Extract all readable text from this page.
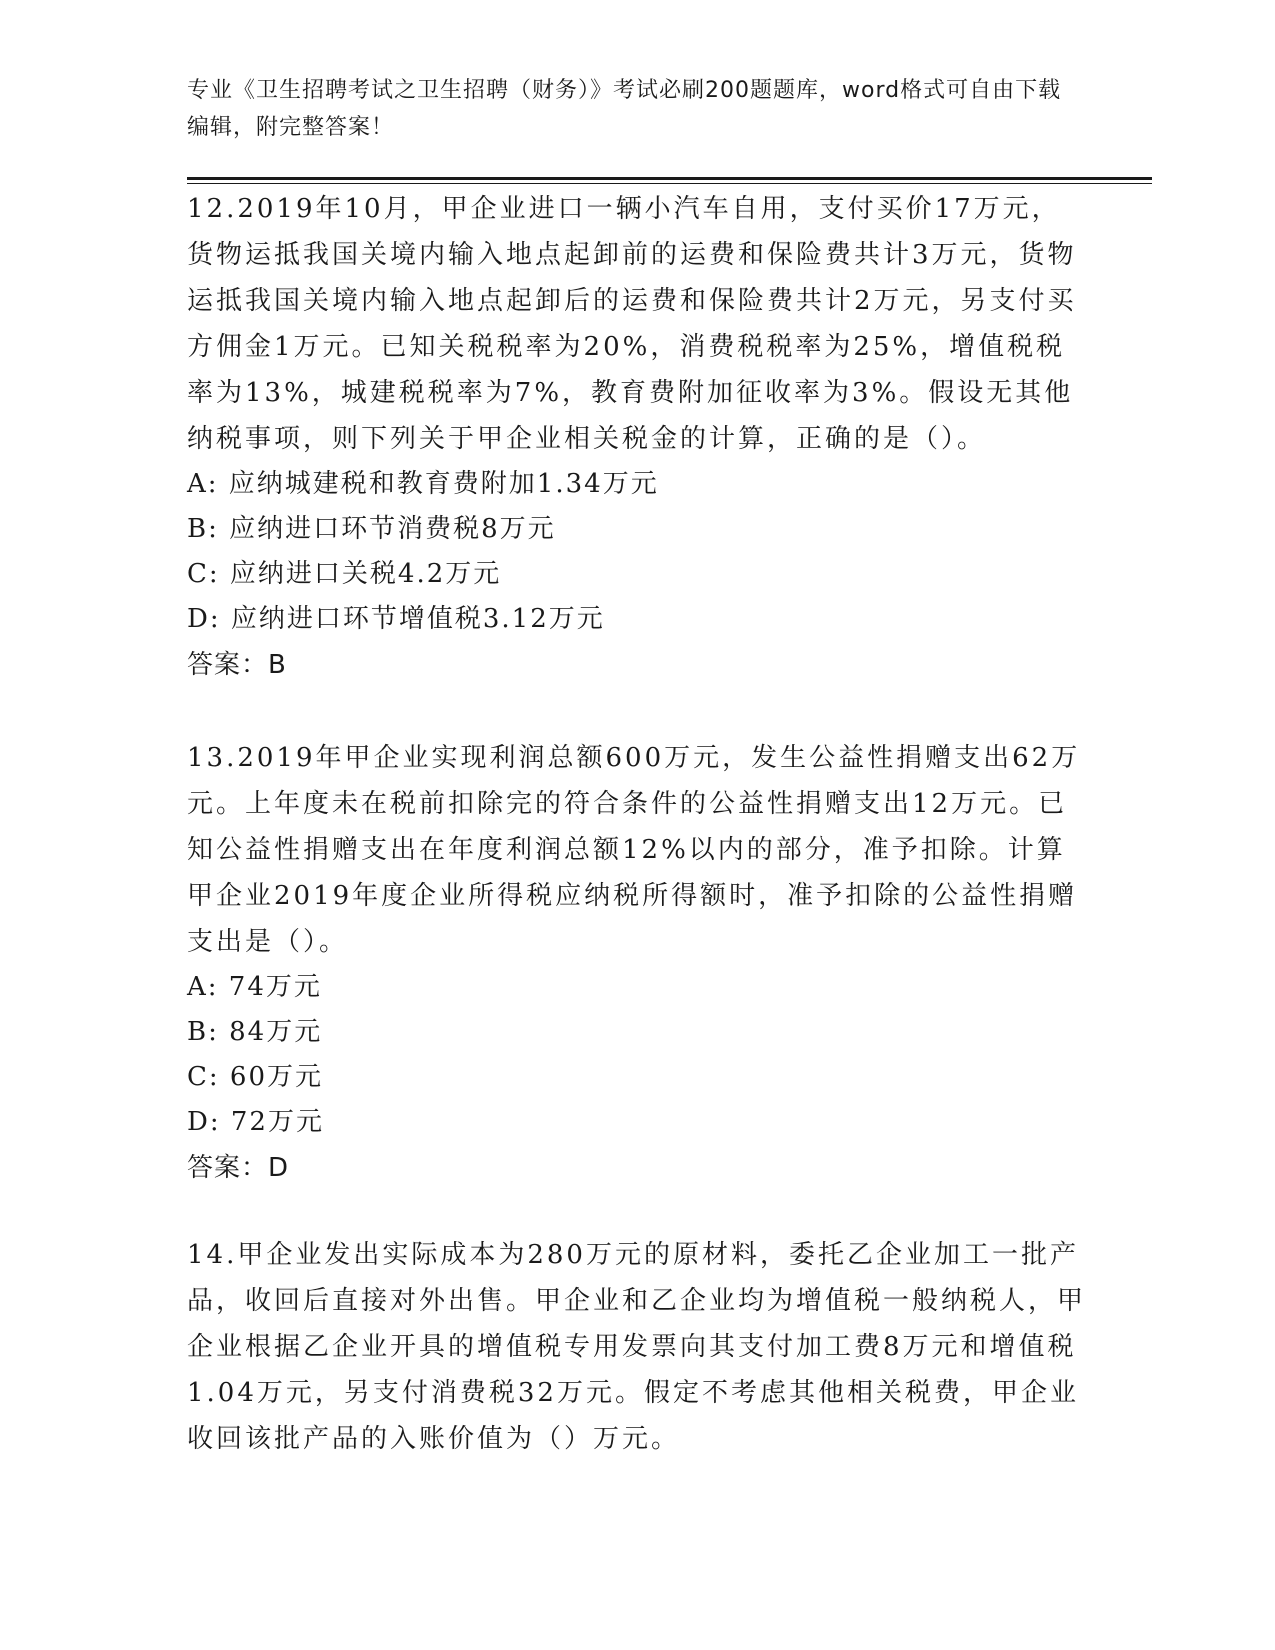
专业《卫生招聘考试之卫生招聘（财务）》考试必刷200题题库，word格式可自由下载编辑，附完整答案！

12.2019年10月，甲企业进口一辆小汽车自用，支付买价17万元，货物运抵我国关境内输入地点起卸前的运费和保险费共计3万元，货物运抵我国关境内输入地点起卸后的运费和保险费共计2万元，另支付买方佣金1万元。已知关税税率为20%，消费税税率为25%，增值税税率为13%，城建税税率为7%，教育费附加征收率为3%。假设无其他纳税事项，则下列关于甲企业相关税金的计算，正确的是（）。

A: 应纳城建税和教育费附加1.34万元

B: 应纳进口环节消费税8万元

C: 应纳进口关税4.2万元

D: 应纳进口环节增值税3.12万元

答案：B

13.2019年甲企业实现利润总额600万元，发生公益性捐赠支出62万元。上年度未在税前扣除完的符合条件的公益性捐赠支出12万元。已知公益性捐赠支出在年度利润总额12%以内的部分，准予扣除。计算甲企业2019年度企业所得税应纳税所得额时，准予扣除的公益性捐赠支出是（）。

A: 74万元

B: 84万元

C: 60万元

D: 72万元

答案：D

14.甲企业发出实际成本为280万元的原材料，委托乙企业加工一批产品，收回后直接对外出售。甲企业和乙企业均为增值税一般纳税人，甲企业根据乙企业开具的增值税专用发票向其支付加工费8万元和增值税1.04万元，另支付消费税32万元。假定不考虑其他相关税费，甲企业收回该批产品的入账价值为（）万元。
